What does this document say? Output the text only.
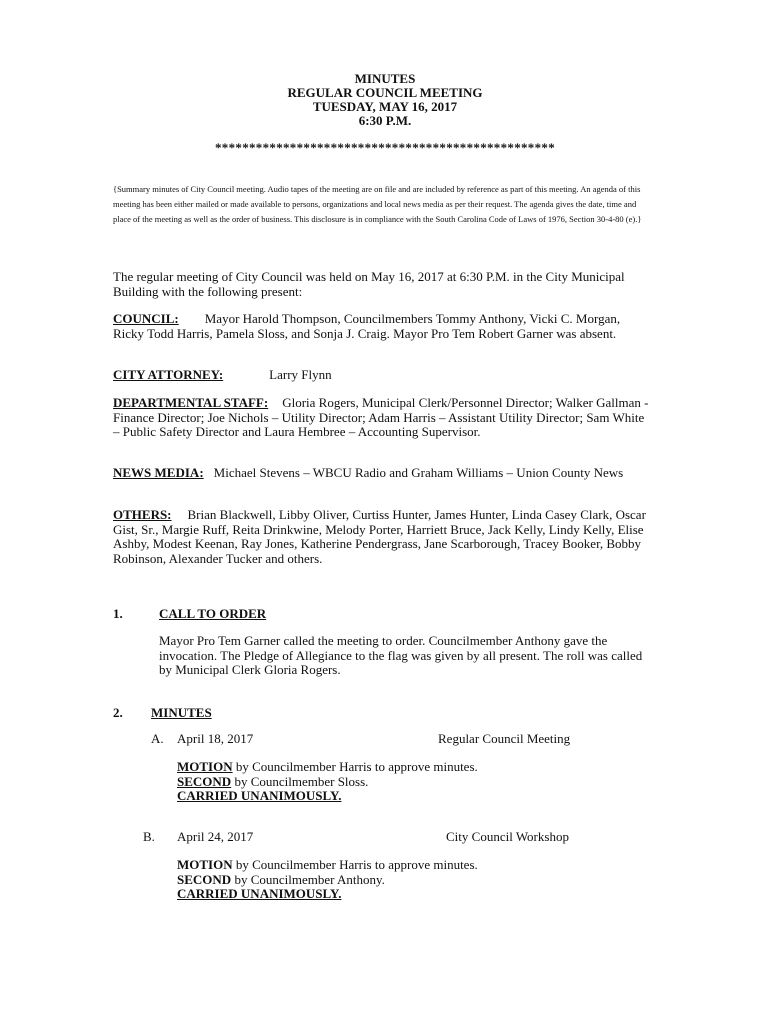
MINUTES
REGULAR COUNCIL MEETING
TUESDAY, MAY 16, 2017
6:30 P.M.
**************************************************
{Summary minutes of City Council meeting. Audio tapes of the meeting are on file and are included by reference as part of this meeting. An agenda of this meeting has been either mailed or made available to persons, organizations and local news media as per their request. The agenda gives the date, time and place of the meeting as well as the order of business. This disclosure is in compliance with the South Carolina Code of Laws of 1976, Section 30-4-80 (e).}
The regular meeting of City Council was held on May 16, 2017 at 6:30 P.M. in the City Municipal Building with the following present:
COUNCIL: Mayor Harold Thompson, Councilmembers Tommy Anthony, Vicki C. Morgan, Ricky Todd Harris, Pamela Sloss, and Sonja J. Craig. Mayor Pro Tem Robert Garner was absent.
CITY ATTORNEY:	Larry Flynn
DEPARTMENTAL STAFF: Gloria Rogers, Municipal Clerk/Personnel Director; Walker Gallman - Finance Director; Joe Nichols – Utility Director; Adam Harris – Assistant Utility Director; Sam White – Public Safety Director and Laura Hembree – Accounting Supervisor.
NEWS MEDIA: Michael Stevens – WBCU Radio and Graham Williams – Union County News
OTHERS: Brian Blackwell, Libby Oliver, Curtiss Hunter, James Hunter, Linda Casey Clark, Oscar Gist, Sr., Margie Ruff, Reita Drinkwine, Melody Porter, Harriett Bruce, Jack Kelly, Lindy Kelly, Elise Ashby, Modest Keenan, Ray Jones, Katherine Pendergrass, Jane Scarborough, Tracey Booker, Bobby Robinson, Alexander Tucker and others.
1.	CALL TO ORDER
Mayor Pro Tem Garner called the meeting to order. Councilmember Anthony gave the invocation. The Pledge of Allegiance to the flag was given by all present. The roll was called by Municipal Clerk Gloria Rogers.
2. MINUTES
A. April 18, 2017	Regular Council Meeting
MOTION by Councilmember Harris to approve minutes.
SECOND by Councilmember Sloss.
CARRIED UNANIMOUSLY.
B. April 24, 2017	City Council Workshop
MOTION by Councilmember Harris to approve minutes.
SECOND by Councilmember Anthony.
CARRIED UNANIMOUSLY.
